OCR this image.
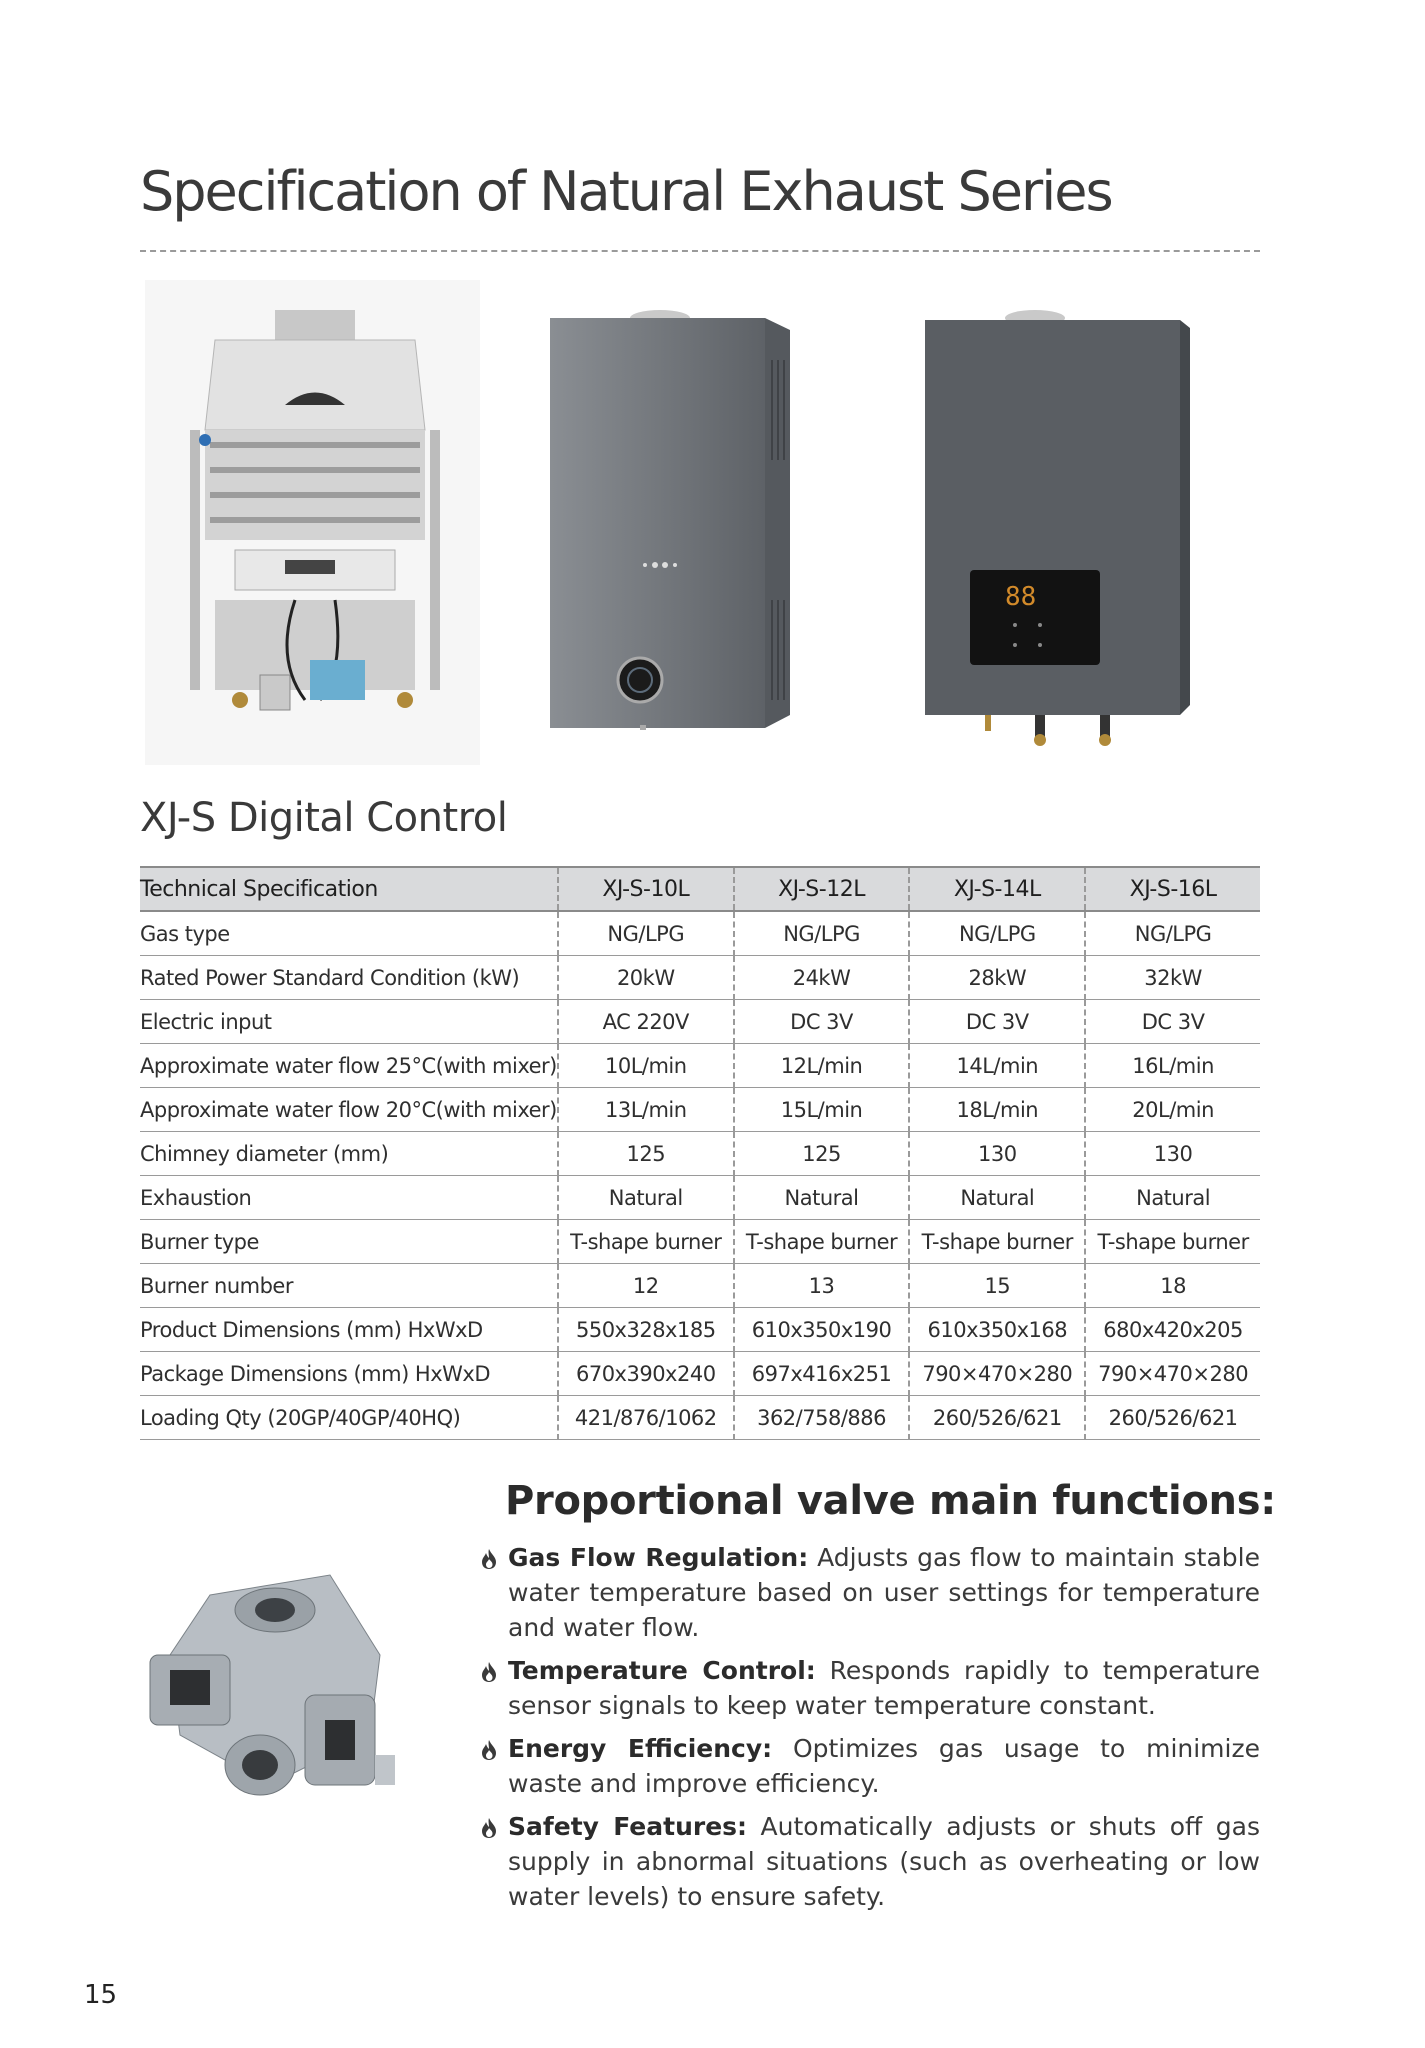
Specification of Natural Exhaust Series
88
XJ-S Digital Control
Technical Specification	XJ-S-10L	XJ-S-12L	XJ-S-14L	XJ-S-16L
Gas type	NG/LPG	NG/LPG	NG/LPG	NG/LPG
Rated Power Standard Condition (kW)	20kW	24kW	28kW	32kW
Electric input	AC 220V	DC 3V	DC 3V	DC 3V
Approximate water flow 25°C(with mixer)	10L/min	12L/min	14L/min	16L/min
Approximate water flow 20°C(with mixer)	13L/min	15L/min	18L/min	20L/min
Chimney diameter (mm)	125	125	130	130
Exhaustion	Natural	Natural	Natural	Natural
Burner type	T-shape burner	T-shape burner	T-shape burner	T-shape burner
Burner number	12	13	15	18
Product Dimensions (mm) HxWxD	550x328x185	610x350x190	610x350x168	680x420x205
Package Dimensions (mm) HxWxD	670x390x240	697x416x251	790×470×280	790×470×280
Loading Qty (20GP/40GP/40HQ)	421/876/1062	362/758/886	260/526/621	260/526/621
Proportional valve main functions:
Gas Flow Regulation: Adjusts gas flow to maintain stable water temperature based on user settings for temperature and water flow.
Temperature Control: Responds rapidly to temperature sensor signals to keep water temperature constant.
Energy Efficiency: Optimizes gas usage to minimize waste and improve efficiency.
Safety Features: Automatically adjusts or shuts off gas supply in abnormal situations (such as overheating or low water levels) to ensure safety.
15
